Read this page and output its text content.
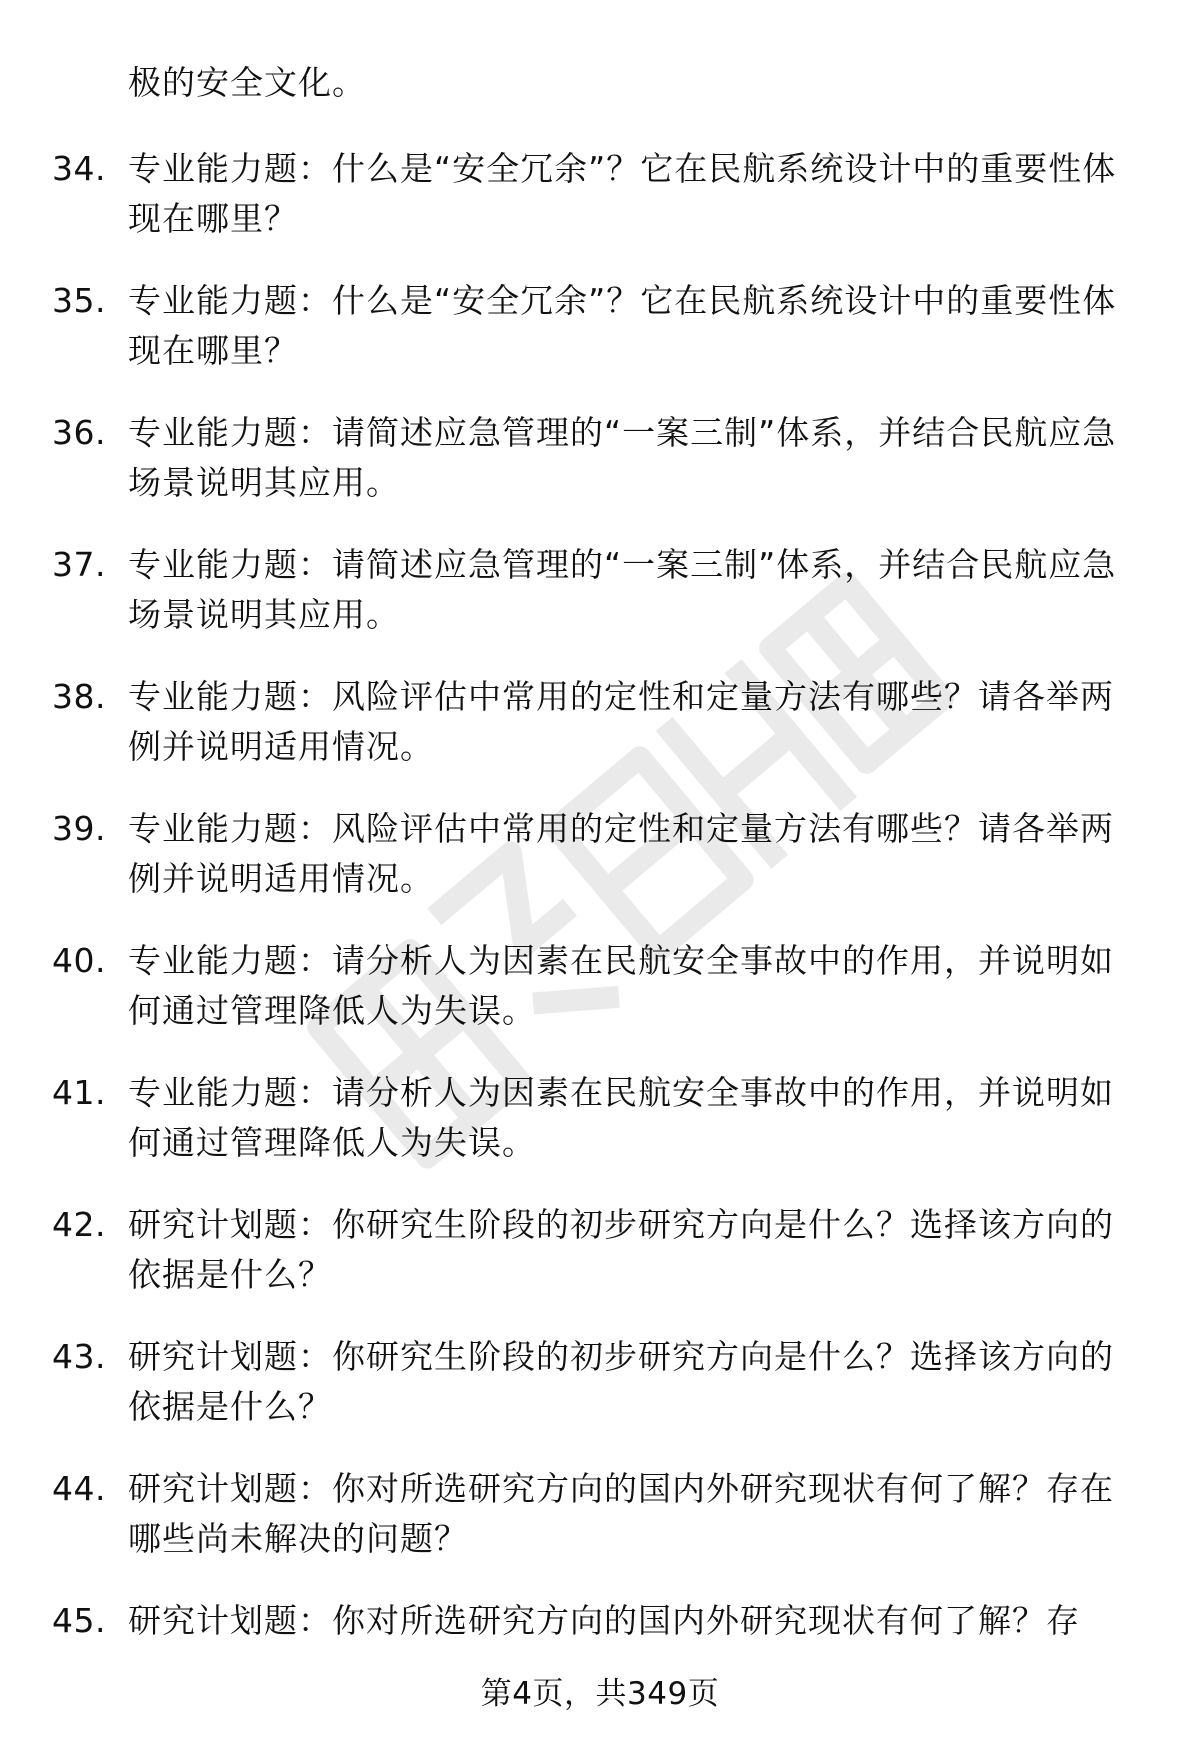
极的安全文化。

34. 专业能力题：什么是“安全冗余”？它在民航系统设计中的重要性体现在哪里？
35. 专业能力题：什么是“安全冗余”？它在民航系统设计中的重要性体现在哪里？
36. 专业能力题：请简述应急管理的“一案三制”体系，并结合民航应急场景说明其应用。
37. 专业能力题：请简述应急管理的“一案三制”体系，并结合民航应急场景说明其应用。
38. 专业能力题：风险评估中常用的定性和定量方法有哪些？请各举两例并说明适用情况。
39. 专业能力题：风险评估中常用的定性和定量方法有哪些？请各举两例并说明适用情况。
40. 专业能力题：请分析人为因素在民航安全事故中的作用，并说明如何通过管理降低人为失误。
41. 专业能力题：请分析人为因素在民航安全事故中的作用，并说明如何通过管理降低人为失误。
42. 研究计划题：你研究生阶段的初步研究方向是什么？选择该方向的依据是什么？
43. 研究计划题：你研究生阶段的初步研究方向是什么？选择该方向的依据是什么？
44. 研究计划题：你对所选研究方向的国内外研究现状有何了解？存在哪些尚未解决的问题？
45. 研究计划题：你对所选研究方向的国内外研究现状有何了解？存
第4页，共349页
